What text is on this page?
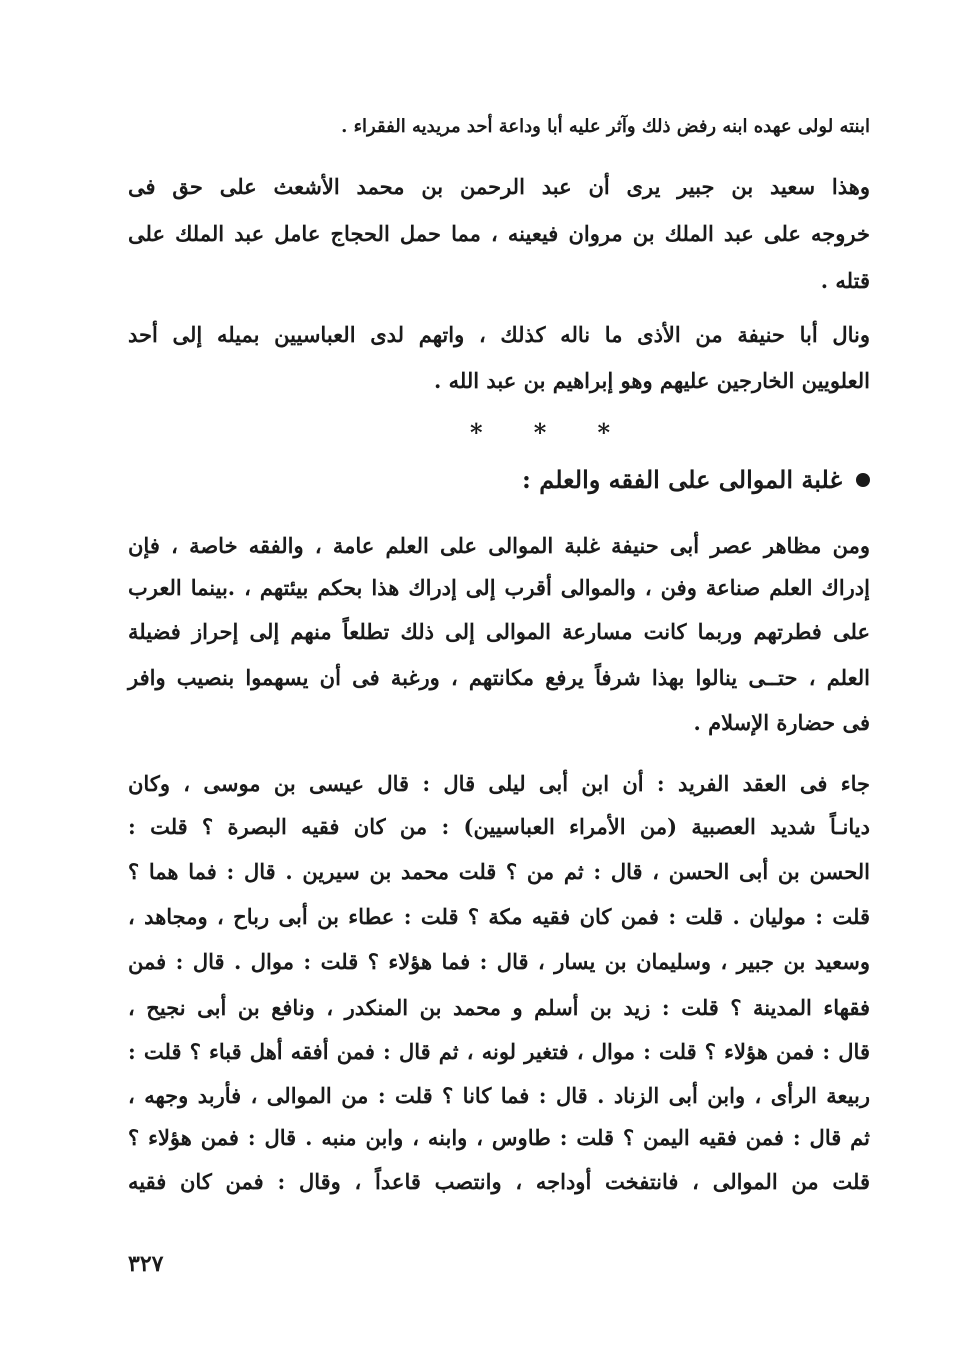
ابنته لولى عهده ابنه رفض ذلك وآثر عليه أبا وداعة أحد مريديه الفقراء .
وهذا سعيد بن جبير يرى أن عبد الرحمن بن محمد الأشعث على حق فى
خروجه على عبد الملك بن مروان فيعينه ، مما حمل الحجاج عامل عبد الملك على
قتله .
ونال أبا حنيفة من الأذى ما ناله كذلك ، واتهم لدى العباسيين بميله إلى أحد
العلويين الخارجين عليهم وهو إبراهيم بن عبد الله .
* * *
غلبة الموالى على الفقه والعلم :
ومن مظاهر عصر أبى حنيفة غلبة الموالى على العلم عامة ، والفقه خاصة ، فإن
إدراك العلم صناعة وفن ، والموالى أقرب إلى إدراك هذا بحكم بيئتهم ، .بينما العرب
على فطرتهم وربما كانت مسارعة الموالى إلى ذلك تطلعاً منهم إلى إحراز فضيلة
العلم ، حتــى ينالوا بهذا شرفاً يرفع مكانتهم ، ورغبة فى أن يسهموا بنصيب وافر
فى حضارة الإسلام .
جاء فى العقد الفريد : أن ابن أبى ليلى قال : قال عيسى بن موسى ، وكان
ديانـاً شديد العصبية (من الأمراء العباسيين) : من كان فقيه البصرة ؟ قلت :
الحسن بن أبى الحسن ، قال : ثم من ؟ قلت محمد بن سيرين . قال : فما هما ؟
قلت : موليان . قلت : فمن كان فقيه مكة ؟ قلت : عطاء بن أبى رباح ، ومجاهد ،
وسعيد بن جبير ، وسليمان بن يسار ، قال : فما هؤلاء ؟ قلت : موال . قال : فمن
فقهاء المدينة ؟ قلت : زيد بن أسلم و محمد بن المنكدر ، ونافع بن أبى نجيح ،
قال : فمن هؤلاء ؟ قلت : موال ، فتغير لونه ، ثم قال : فمن أفقه أهل قباء ؟ قلت :
ربيعة الرأى ، وابن أبى الزناد . قال : فما كانا ؟ قلت : من الموالى ، فأربد وجهه ،
ثم قال : فمن فقيه اليمن ؟ قلت : طاوس ، وابنه ، وابن منبه . قال : فمن هؤلاء ؟
قلت من الموالى ، فانتفخت أوداجه ، وانتصب قاعداً ، وقال : فمن كان فقيه
٣٢٧
